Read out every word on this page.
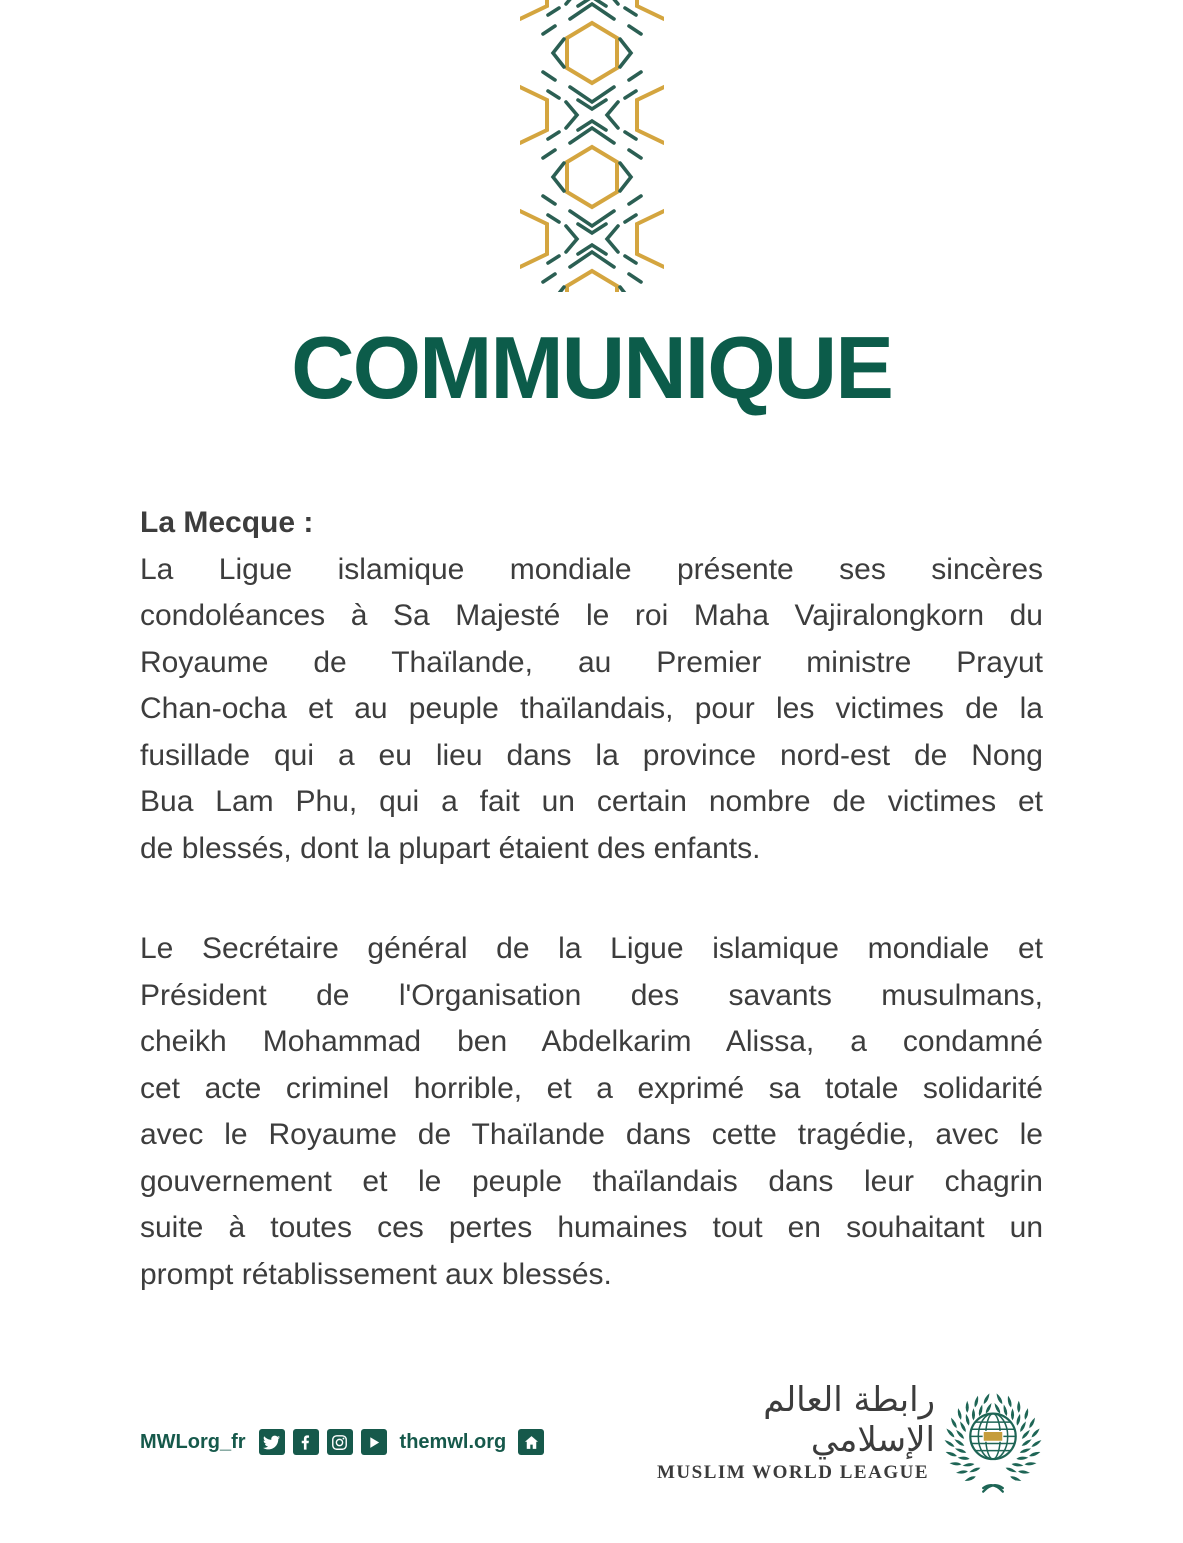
COMMUNIQUE
La Mecque :
La Ligue islamique mondiale présente ses sincères
condoléances à Sa Majesté le roi Maha Vajiralongkorn du
Royaume de Thaïlande, au Premier ministre Prayut
Chan-ocha et au peuple thaïlandais, pour les victimes de la
fusillade qui a eu lieu dans la province nord-est de Nong
Bua Lam Phu, qui a fait un certain nombre de victimes et
de blessés, dont la plupart étaient des enfants.
Le Secrétaire général de la Ligue islamique mondiale et
Président de l'Organisation des savants musulmans,
cheikh Mohammad ben Abdelkarim Alissa, a condamné
cet acte criminel horrible, et a exprimé sa totale solidarité
avec le Royaume de Thaïlande dans cette tragédie, avec le
gouvernement et le peuple thaïlandais dans leur chagrin
suite à toutes ces pertes humaines tout en souhaitant un
prompt rétablissement aux blessés.
MWLorg_fr	themwl.org
رابطة العالم الإسلامي
MUSLIM WORLD LEAGUE
